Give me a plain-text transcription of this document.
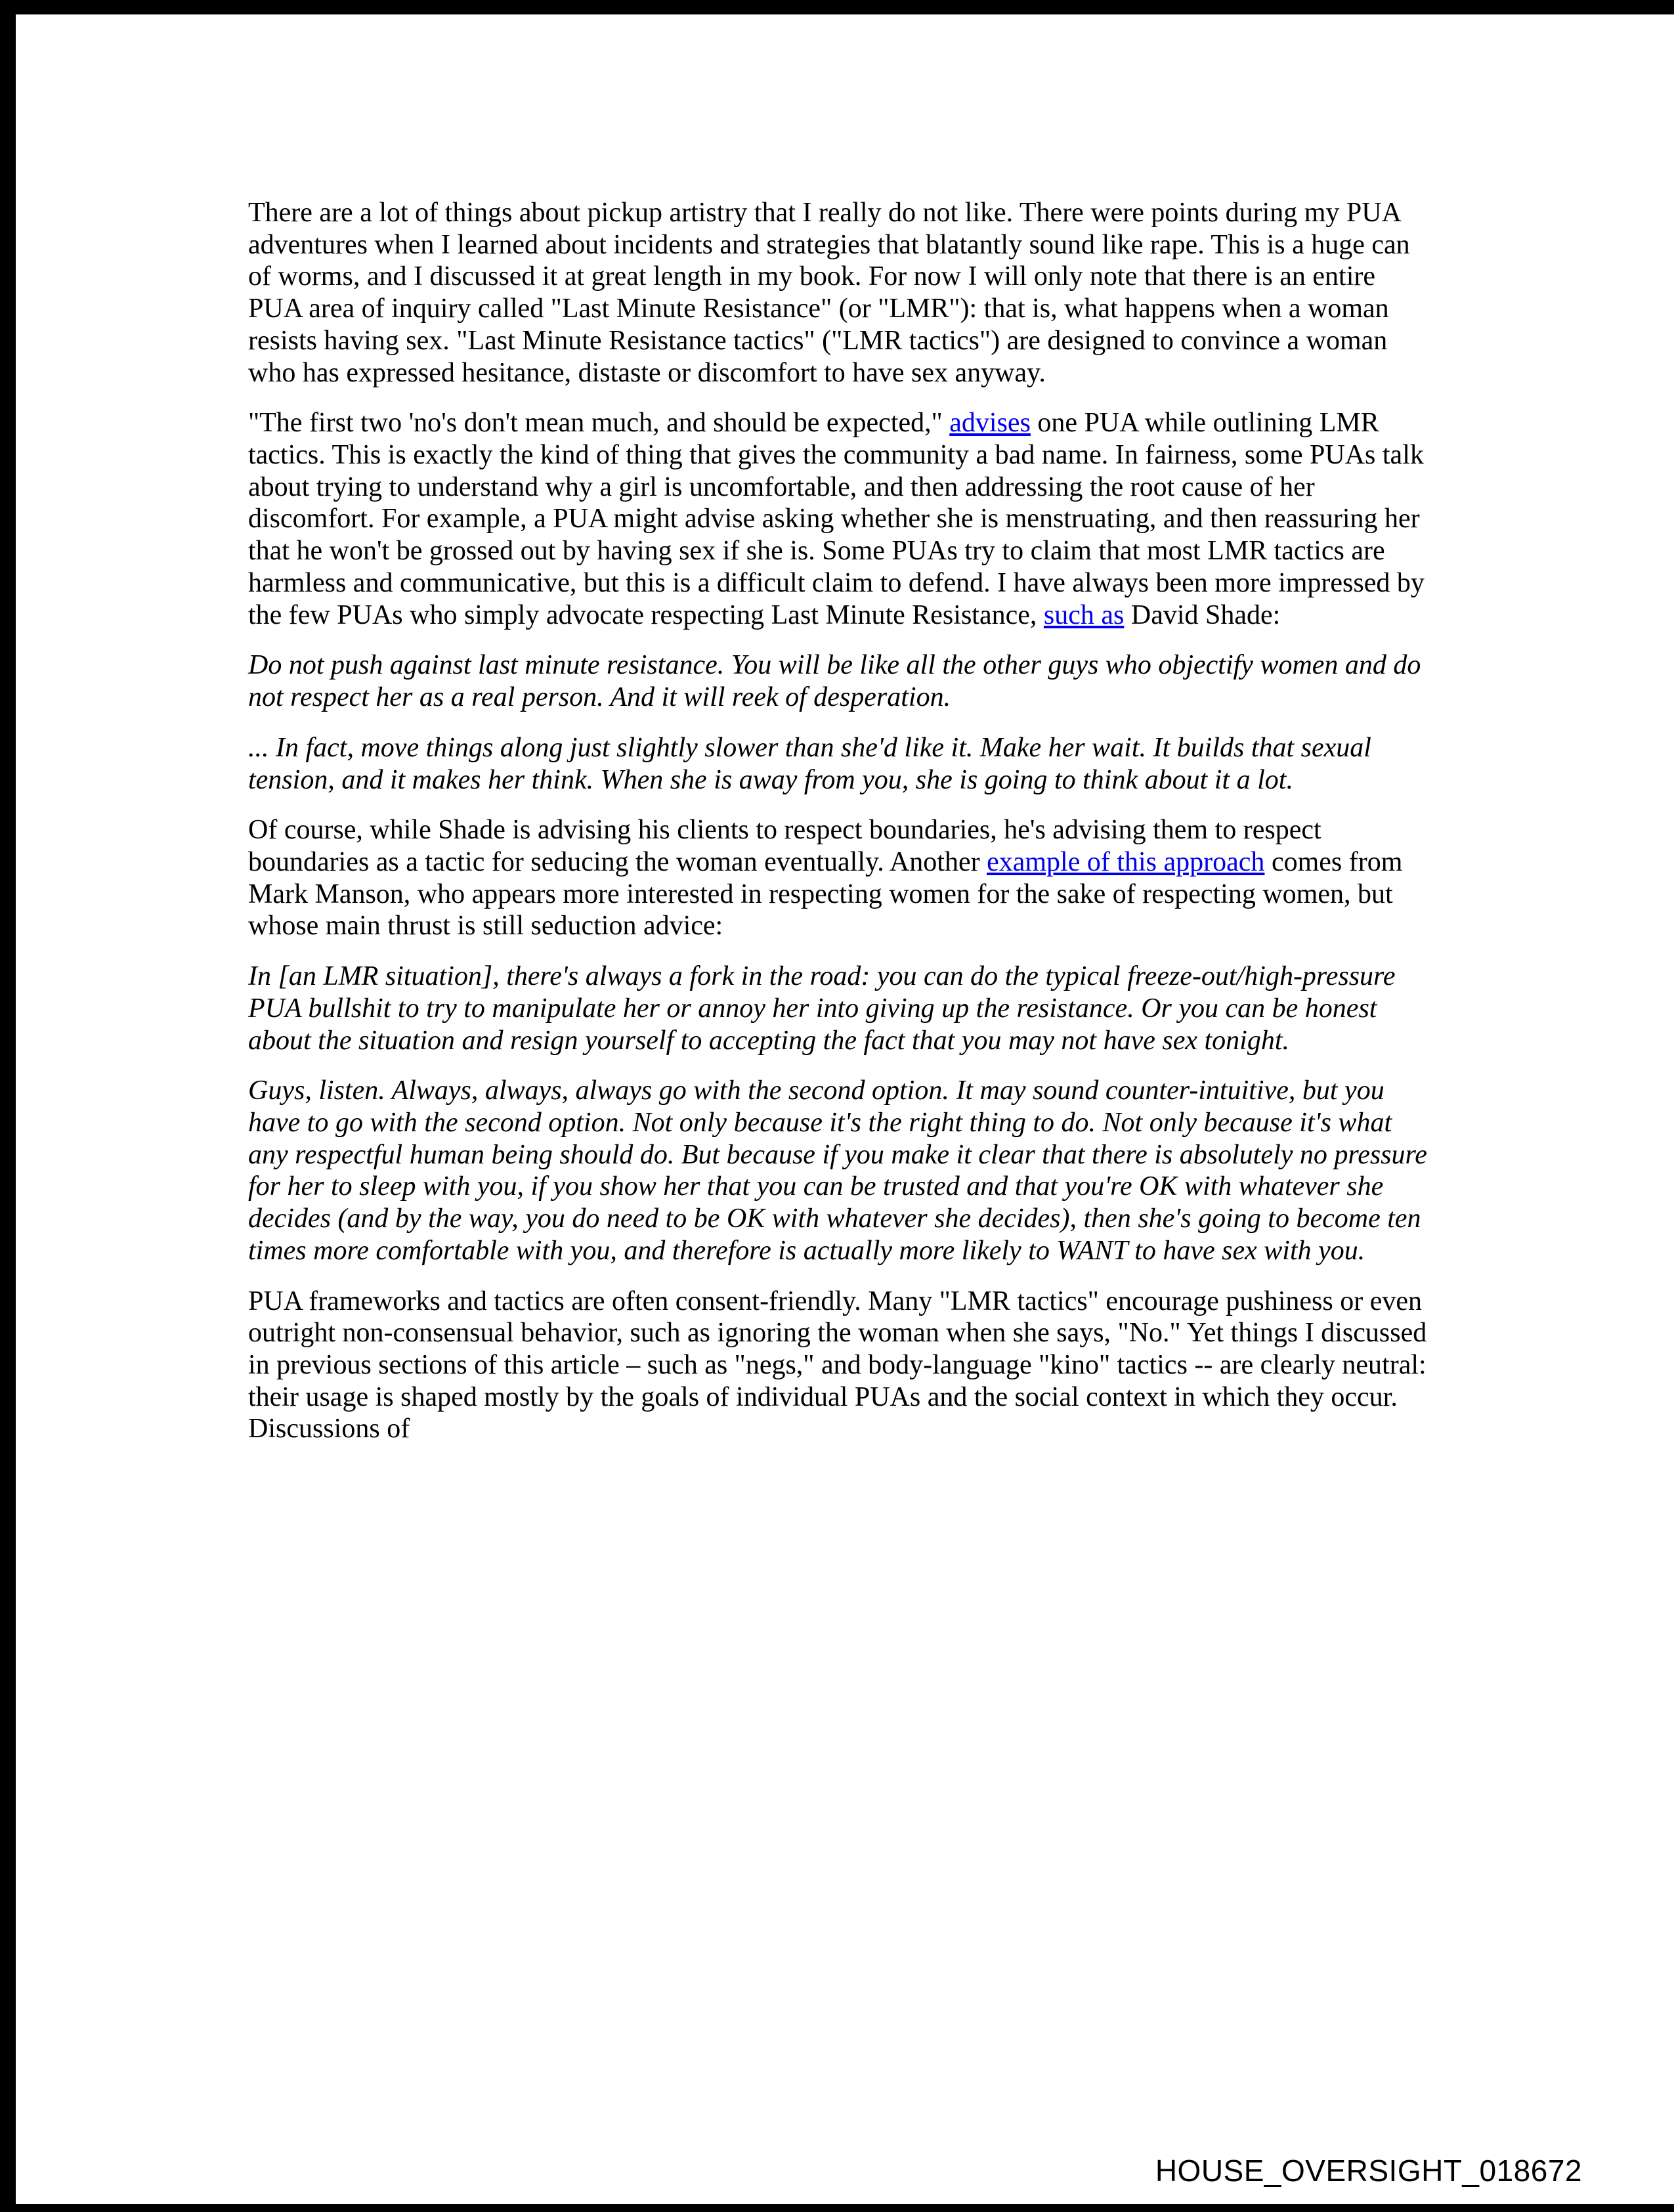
There are a lot of things about pickup artistry that I really do not like. There were points during my PUA adventures when I learned about incidents and strategies that blatantly sound like rape. This is a huge can of worms, and I discussed it at great length in my book. For now I will only note that there is an entire PUA area of inquiry called "Last Minute Resistance" (or "LMR"): that is, what happens when a woman resists having sex. "Last Minute Resistance tactics" ("LMR tactics") are designed to convince a woman who has expressed hesitance, distaste or discomfort to have sex anyway.

"The first two 'no's don't mean much, and should be expected," advises one PUA while outlining LMR tactics. This is exactly the kind of thing that gives the community a bad name. In fairness, some PUAs talk about trying to understand why a girl is uncomfortable, and then addressing the root cause of her discomfort. For example, a PUA might advise asking whether she is menstruating, and then reassuring her that he won't be grossed out by having sex if she is. Some PUAs try to claim that most LMR tactics are harmless and communicative, but this is a difficult claim to defend. I have always been more impressed by the few PUAs who simply advocate respecting Last Minute Resistance, such as David Shade:

Do not push against last minute resistance. You will be like all the other guys who objectify women and do not respect her as a real person. And it will reek of desperation.

... In fact, move things along just slightly slower than she'd like it. Make her wait. It builds that sexual tension, and it makes her think. When she is away from you, she is going to think about it a lot.

Of course, while Shade is advising his clients to respect boundaries, he's advising them to respect boundaries as a tactic for seducing the woman eventually. Another example of this approach comes from Mark Manson, who appears more interested in respecting women for the sake of respecting women, but whose main thrust is still seduction advice:

In [an LMR situation], there's always a fork in the road: you can do the typical freeze-out/high-pressure PUA bullshit to try to manipulate her or annoy her into giving up the resistance. Or you can be honest about the situation and resign yourself to accepting the fact that you may not have sex tonight.

Guys, listen. Always, always, always go with the second option. It may sound counter-intuitive, but you have to go with the second option. Not only because it's the right thing to do. Not only because it's what any respectful human being should do. But because if you make it clear that there is absolutely no pressure for her to sleep with you, if you show her that you can be trusted and that you're OK with whatever she decides (and by the way, you do need to be OK with whatever she decides), then she's going to become ten times more comfortable with you, and therefore is actually more likely to WANT to have sex with you.

PUA frameworks and tactics are often consent-friendly. Many "LMR tactics" encourage pushiness or even outright non-consensual behavior, such as ignoring the woman when she says, "No." Yet things I discussed in previous sections of this article – such as "negs," and body-language "kino" tactics -- are clearly neutral: their usage is shaped mostly by the goals of individual PUAs and the social context in which they occur. Discussions of

HOUSE_OVERSIGHT_018672
